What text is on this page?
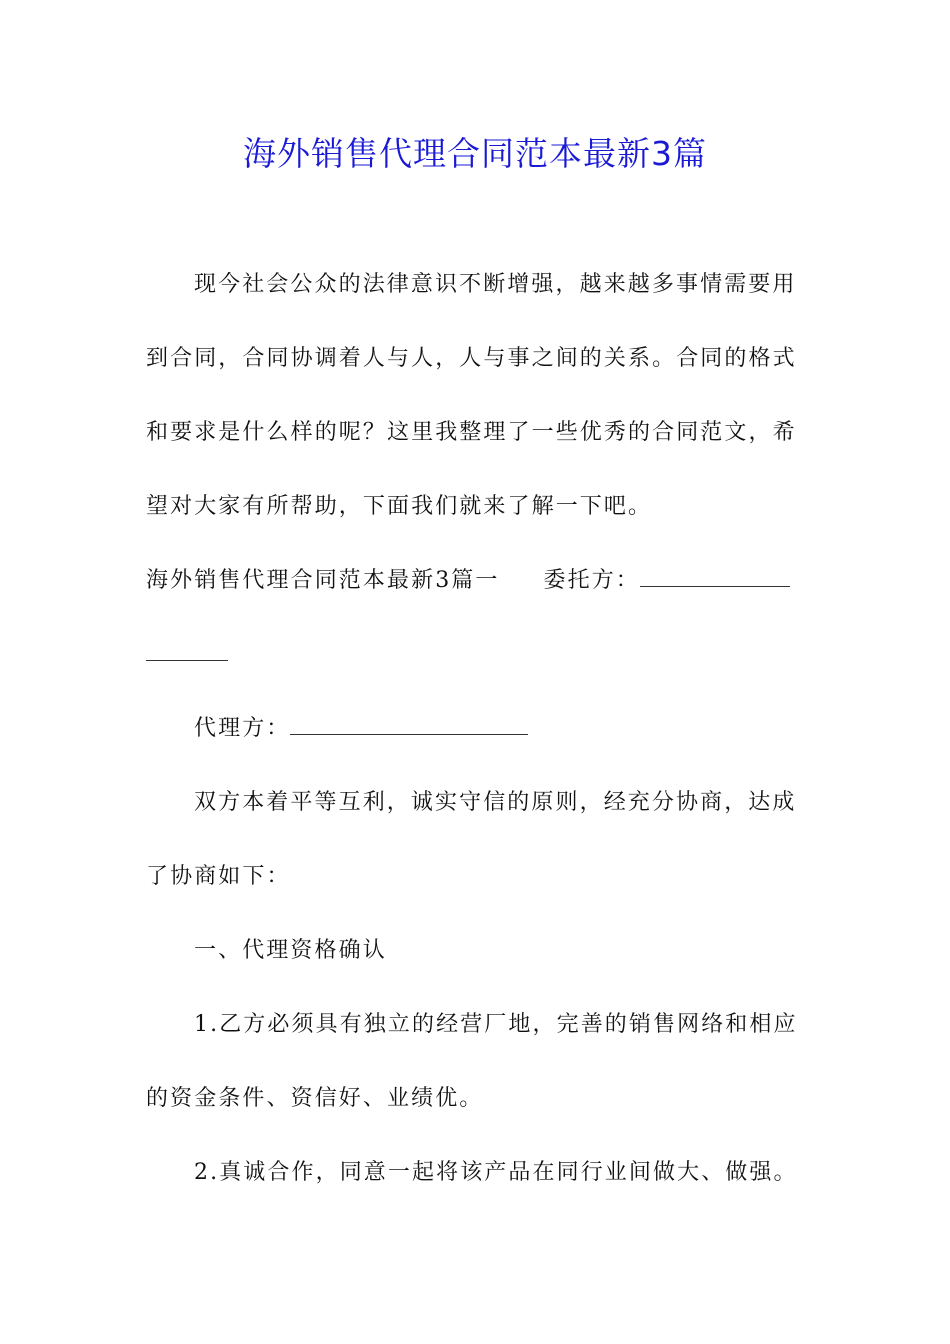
海外销售代理合同范本最新3篇

现今社会公众的法律意识不断增强，越来越多事情需要用

到合同，合同协调着人与人，人与事之间的关系。合同的格式

和要求是什么样的呢？这里我整理了一些优秀的合同范文，希

望对大家有所帮助，下面我们就来了解一下吧。

海外销售代理合同范本最新3篇一 委托方：

代理方：

双方本着平等互利，诚实守信的原则，经充分协商，达成

了协商如下：

一、代理资格确认

1.乙方必须具有独立的经营厂地，完善的销售网络和相应

的资金条件、资信好、业绩优。

2.真诚合作，同意一起将该产品在同行业间做大、做强。
